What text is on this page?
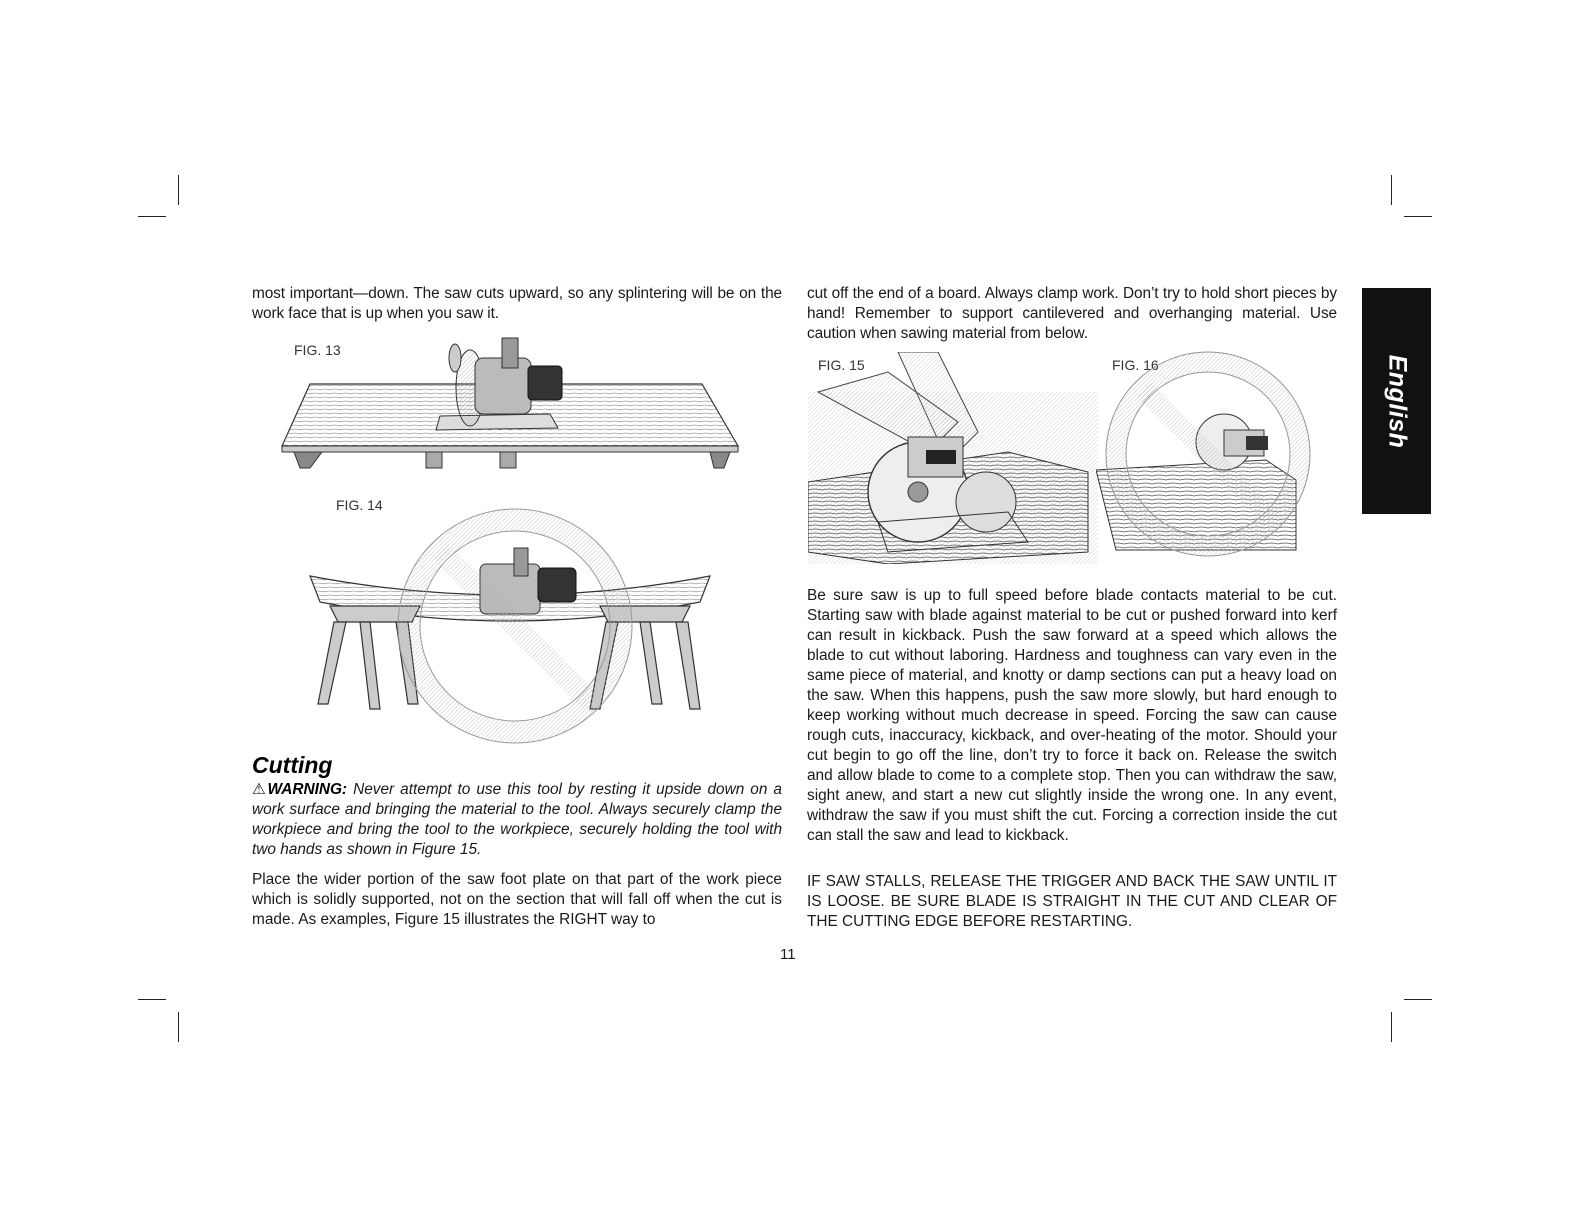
most important—down. The saw cuts upward, so any splintering will be on the work face that is up when you saw it.

FIG. 13
FIG. 14
Cutting
⚠WARNING: Never attempt to use this tool by resting it upside down on a work surface and bringing the material to the tool. Always securely clamp the workpiece and bring the tool to the workpiece, securely holding the tool with two hands as shown in Figure 15.
Place the wider portion of the saw foot plate on that part of the work piece which is solidly supported, not on the section that will fall off when the cut is made. As examples, Figure 15 illustrates the RIGHT way to

cut off the end of a board. Always clamp work. Don’t try to hold short pieces by hand! Remember to support cantilevered and overhanging material. Use caution when sawing material from below.

FIG. 15	FIG. 16
Be sure saw is up to full speed before blade contacts material to be cut. Starting saw with blade against material to be cut or pushed forward into kerf can result in kickback. Push the saw forward at a speed which allows the blade to cut without laboring. Hardness and toughness can vary even in the same piece of material, and knotty or damp sections can put a heavy load on the saw. When this happens, push the saw more slowly, but hard enough to keep working without much decrease in speed. Forcing the saw can cause rough cuts, inaccuracy, kickback, and over-heating of the motor. Should your cut begin to go off the line, don’t try to force it back on. Release the switch and allow blade to come to a complete stop. Then you can withdraw the saw, sight anew, and start a new cut slightly inside the wrong one. In any event, withdraw the saw if you must shift the cut. Forcing a correction inside the cut can stall the saw and lead to kickback.
IF SAW STALLS, RELEASE THE TRIGGER AND BACK THE SAW UNTIL IT IS LOOSE. BE SURE BLADE IS STRAIGHT IN THE CUT AND CLEAR OF THE CUTTING EDGE BEFORE RESTARTING.
English
11
